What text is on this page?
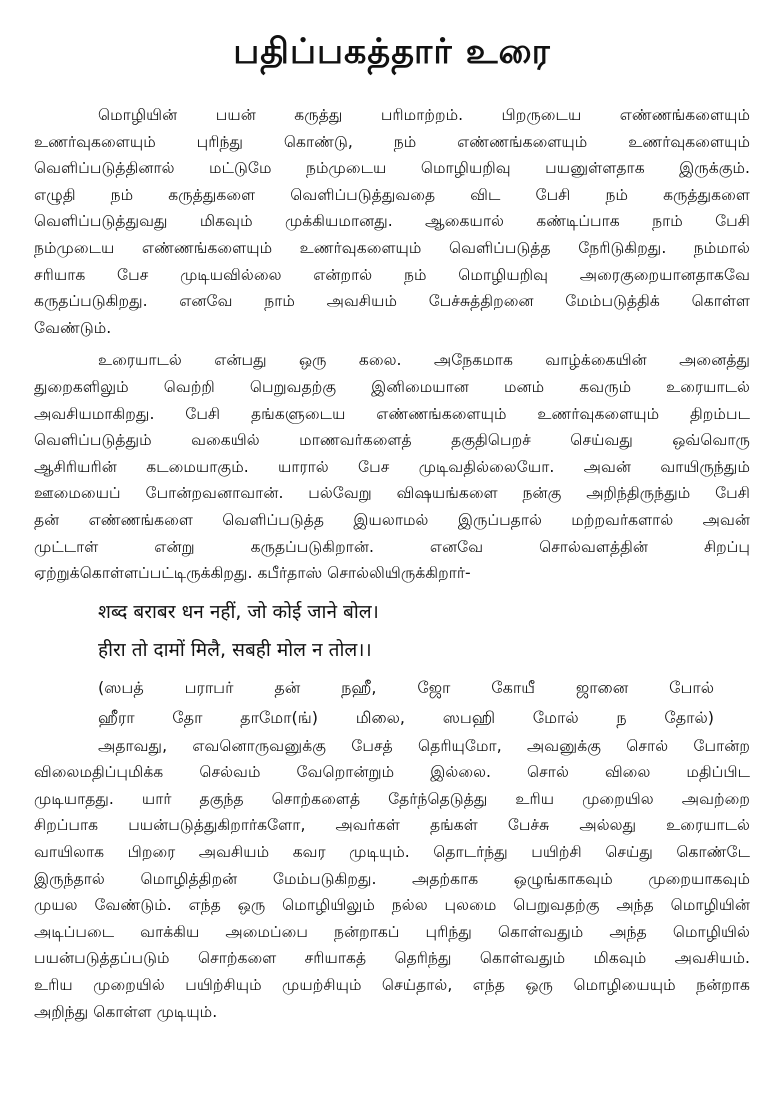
பதிப்பகத்தார் உரை
மொழியின் பயன் கருத்து பரிமாற்றம். பிறருடைய எண்ணங்களையும்
உணர்வுகளையும் புரிந்து கொண்டு, நம் எண்ணங்களையும் உணர்வுகளையும்
வெளிப்படுத்தினால் மட்டுமே நம்முடைய மொழியறிவு பயனுள்ளதாக இருக்கும்.
எழுதி நம் கருத்துகளை வெளிப்படுத்துவதை விட பேசி நம் கருத்துகளை
வெளிப்படுத்துவது மிகவும் முக்கியமானது. ஆகையால் கண்டிப்பாக நாம் பேசி
நம்முடைய எண்ணங்களையும் உணர்வுகளையும் வெளிப்படுத்த நேரிடுகிறது. நம்மால்
சரியாக பேச முடியவில்லை என்றால் நம் மொழியறிவு அரைகுறையானதாகவே
கருதப்படுகிறது. எனவே நாம் அவசியம் பேச்சுத்திறனை மேம்படுத்திக் கொள்ள
வேண்டும்.
உரையாடல் என்பது ஒரு கலை. அநேகமாக வாழ்க்கையின் அனைத்து
துறைகளிலும் வெற்றி பெறுவதற்கு இனிமையான மனம் கவரும் உரையாடல்
அவசியமாகிறது. பேசி தங்களுடைய எண்ணங்களையும் உணர்வுகளையும் திறம்பட
வெளிப்படுத்தும் வகையில் மாணவர்களைத் தகுதிபெறச் செய்வது ஒவ்வொரு
ஆசிரியரின் கடமையாகும். யாரால் பேச முடிவதில்லையோ. அவன் வாயிருந்தும்
ஊமையைப் போன்றவனாவான். பல்வேறு விஷயங்களை நன்கு அறிந்திருந்தும் பேசி
தன் எண்ணங்களை வெளிப்படுத்த இயலாமல் இருப்பதால் மற்றவர்களால் அவன்
முட்டாள் என்று கருதப்படுகிறான். எனவே சொல்வளத்தின் சிறப்பு
ஏற்றுக்கொள்ளப்பட்டிருக்கிறது. கபீர்தாஸ் சொல்லியிருக்கிறார்-
शब्द बराबर धन नहीं, जो कोई जाने बोल।
हीरा तो दामों मिलै, सबही मोल न तोल।।
(ஸபத் பராபர் தன் நஹீ, ஜோ கோயீ ஜானை போல்
ஹீரா தோ தாமோ(ங்) மிலை, ஸபஹி மோல் ந தோல்)
அதாவது, எவனொருவனுக்கு பேசத் தெரியுமோ, அவனுக்கு சொல் போன்ற
விலைமதிப்புமிக்க செல்வம் வேறொன்றும் இல்லை. சொல் விலை மதிப்பிட
முடியாதது. யார் தகுந்த சொற்களைத் தேர்ந்தெடுத்து உரிய முறையில அவற்றை
சிறப்பாக பயன்படுத்துகிறார்களோ, அவர்கள் தங்கள் பேச்சு அல்லது உரையாடல்
வாயிலாக பிறரை அவசியம் கவர முடியும். தொடர்ந்து பயிற்சி செய்து கொண்டே
இருந்தால் மொழித்திறன் மேம்படுகிறது. அதற்காக ஒழுங்காகவும் முறையாகவும்
முயல வேண்டும். எந்த ஒரு மொழியிலும் நல்ல புலமை பெறுவதற்கு அந்த மொழியின்
அடிப்படை வாக்கிய அமைப்பை நன்றாகப் புரிந்து கொள்வதும் அந்த மொழியில்
பயன்படுத்தப்படும் சொற்களை சரியாகத் தெரிந்து கொள்வதும் மிகவும் அவசியம்.
உரிய முறையில் பயிற்சியும் முயற்சியும் செய்தால், எந்த ஒரு மொழியையும் நன்றாக
அறிந்து கொள்ள முடியும்.
